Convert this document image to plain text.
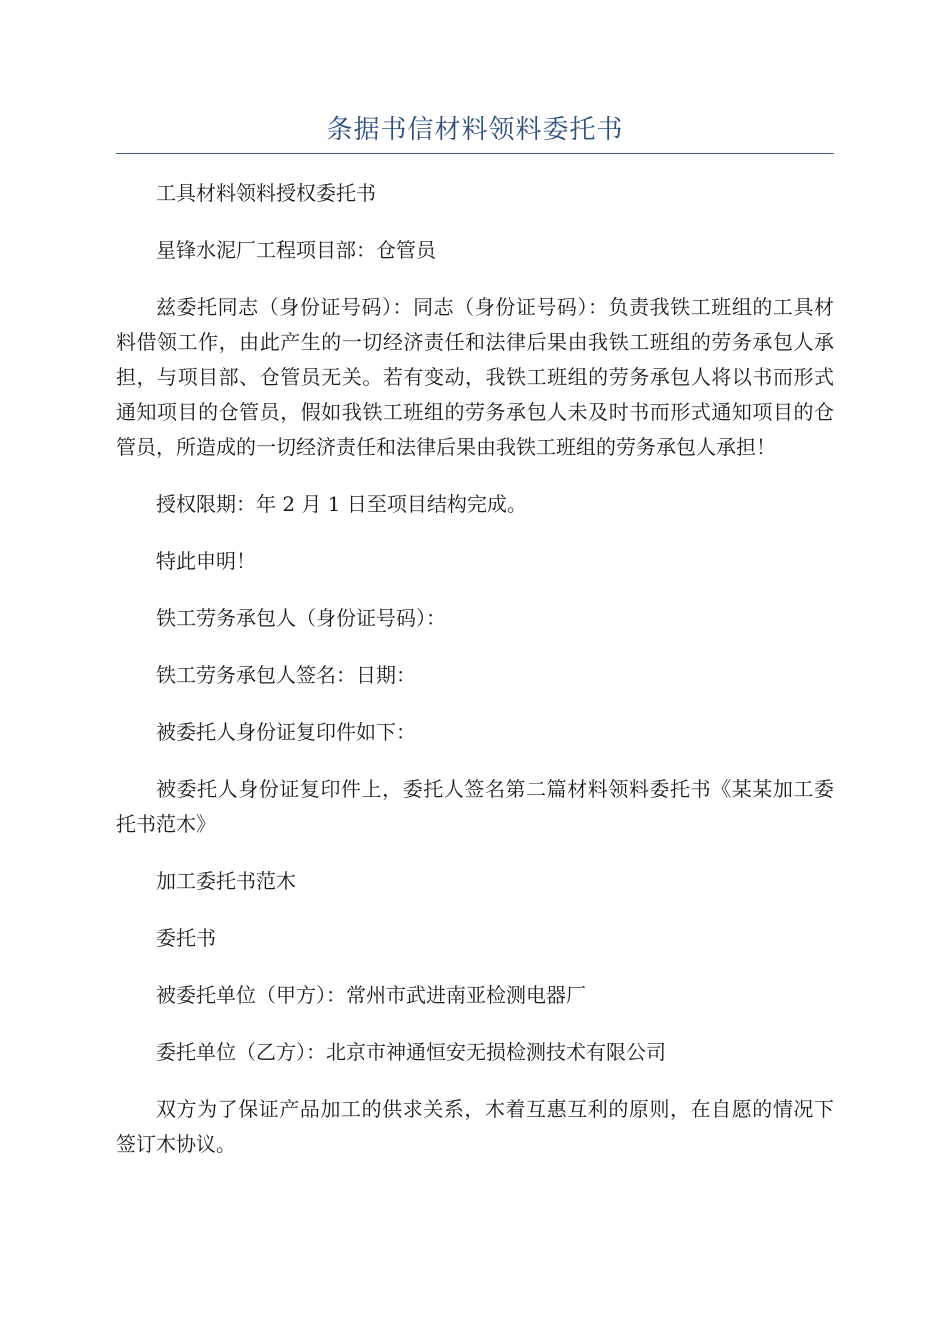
条据书信材料领料委托书

工具材料领料授权委托书

星锋水泥厂工程项目部：仓管员

兹委托同志（身份证号码）：同志（身份证号码）：负责我铁工班组的工具材料借领工作，由此产生的一切经济责任和法律后果由我铁工班组的劳务承包人承担，与项目部、仓管员无关。若有变动，我铁工班组的劳务承包人将以书而形式通知项目的仓管员，假如我铁工班组的劳务承包人未及时书而形式通知项目的仓管员，所造成的一切经济责任和法律后果由我铁工班组的劳务承包人承担！

授权限期：年 2 月 1 日至项目结构完成。

特此申明！

铁工劳务承包人（身份证号码）：

铁工劳务承包人签名：日期：

被委托人身份证复印件如下：

被委托人身份证复印件上，委托人签名第二篇材料领料委托书《某某加工委托书范木》

加工委托书范木

委托书

被委托单位（甲方）：常州市武进南亚检测电器厂

委托单位（乙方）：北京市神通恒安无损检测技术有限公司

双方为了保证产品加工的供求关系，木着互惠互利的原则，在自愿的情况下签订木协议。
